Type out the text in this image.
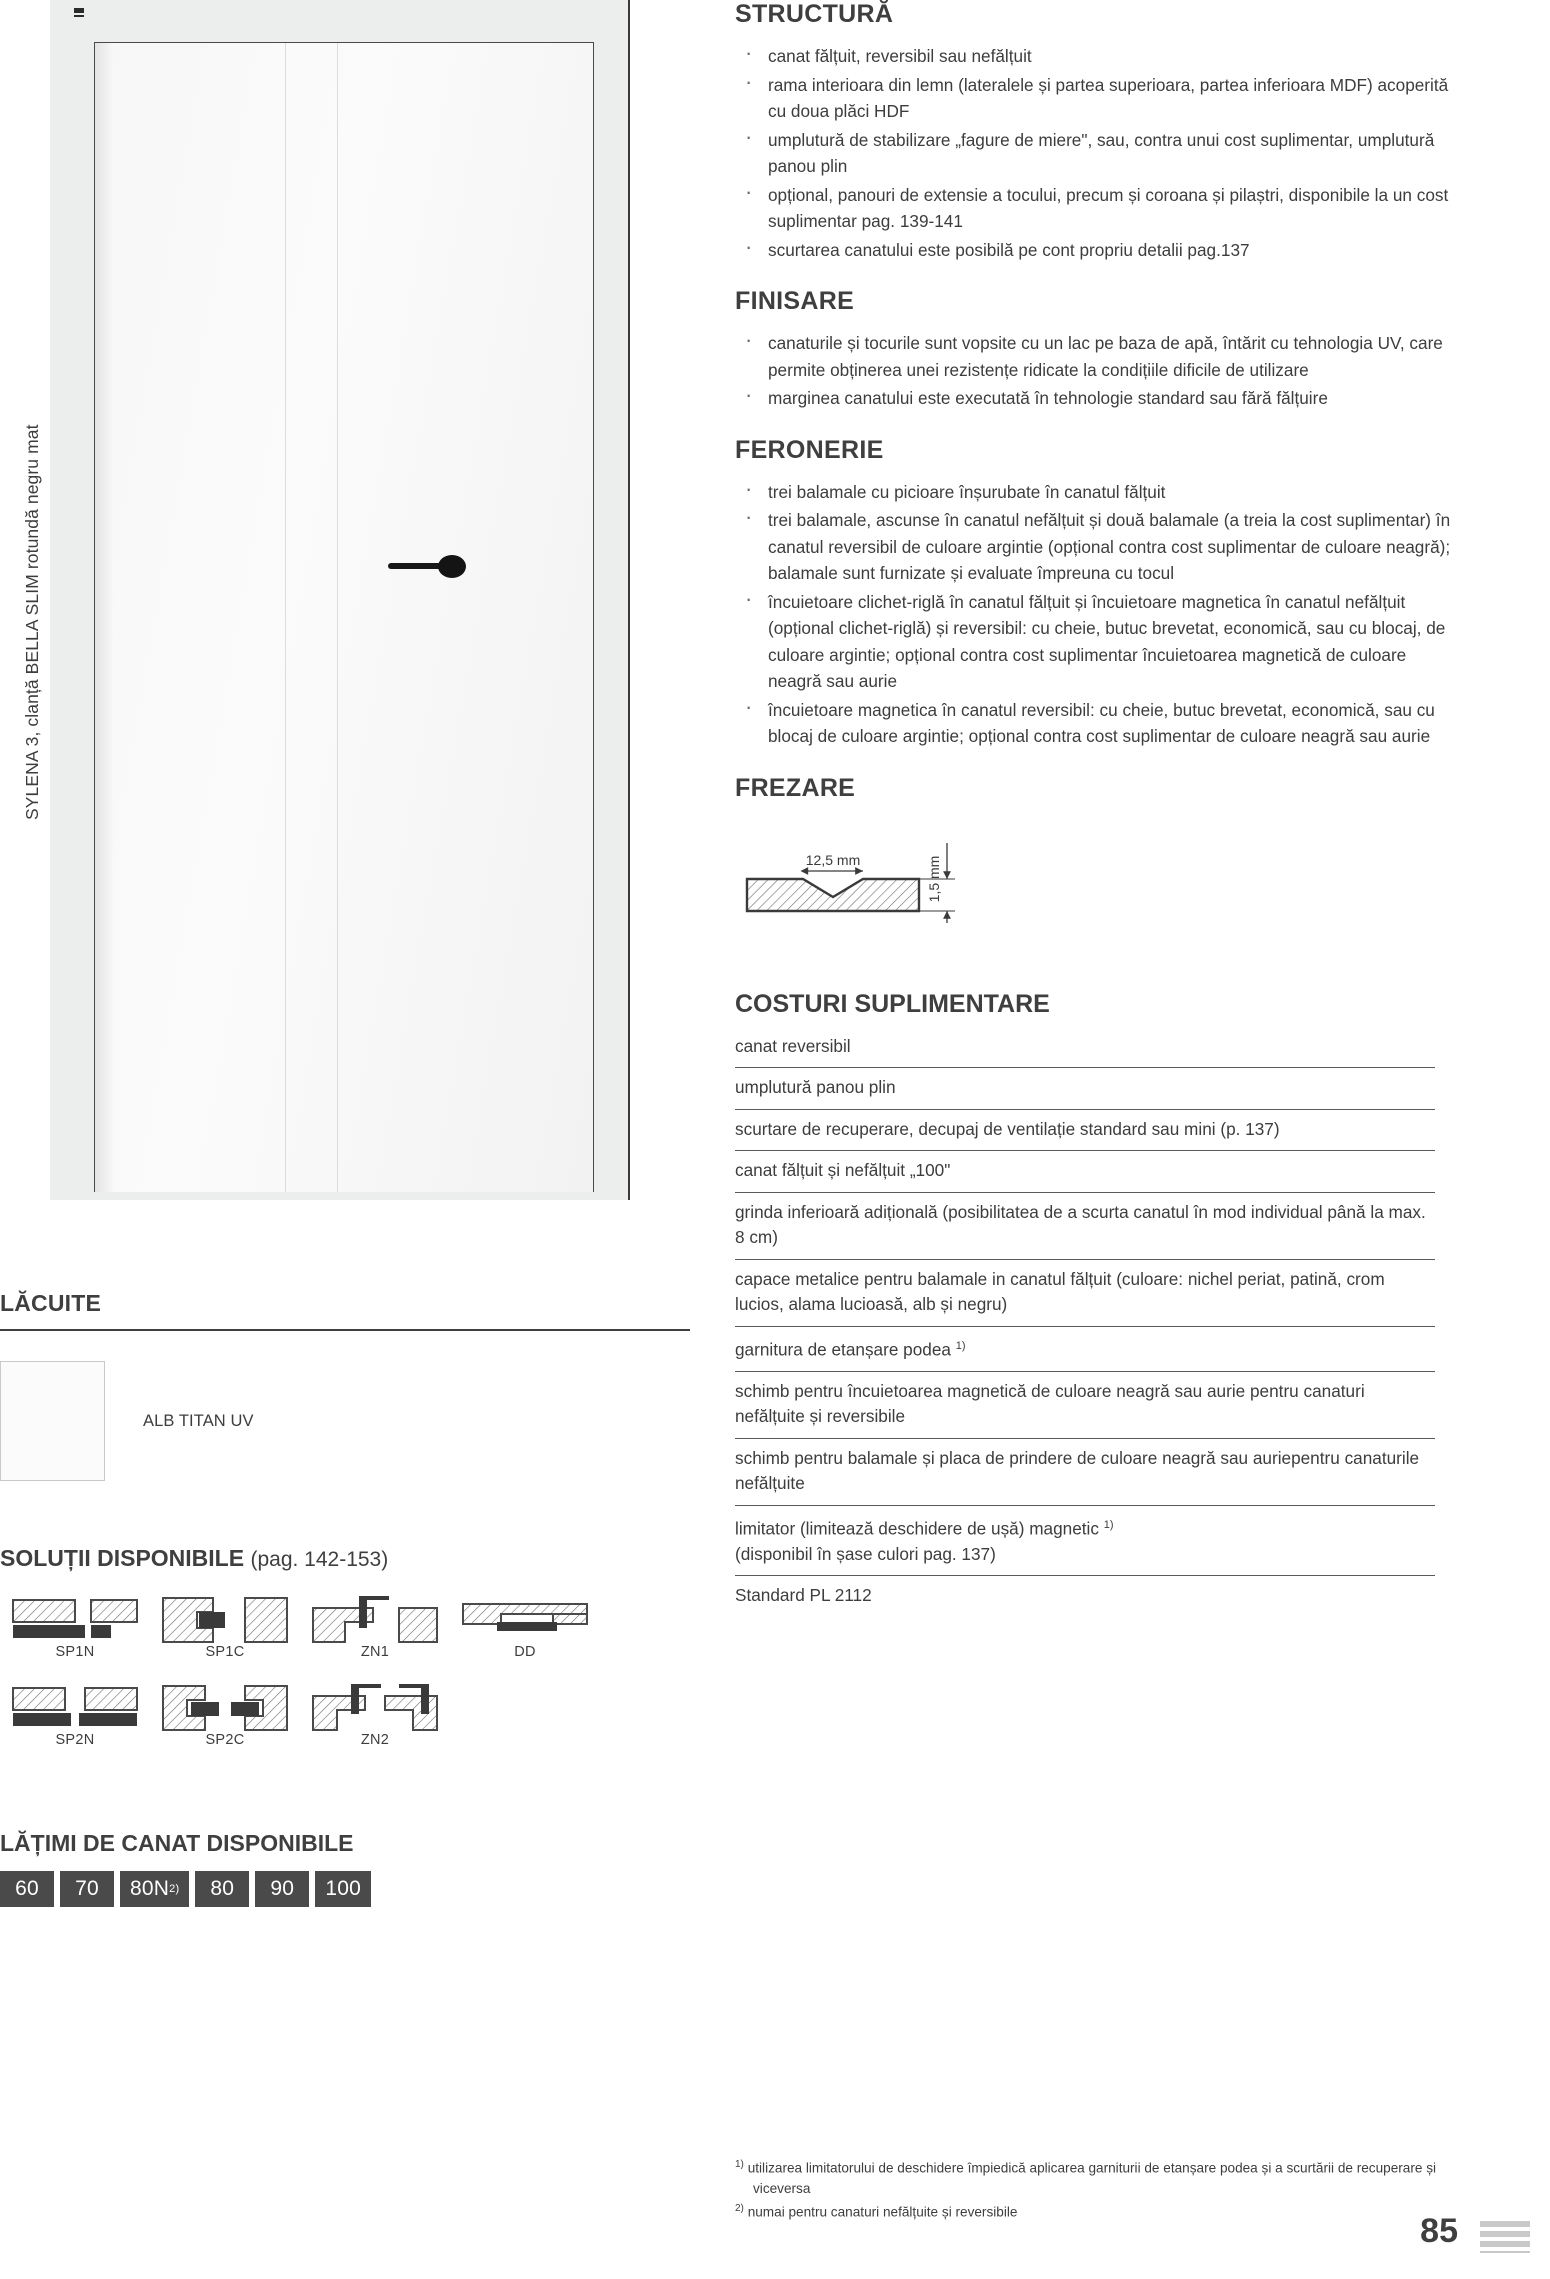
SYLENA 3, clanță BELLA SLIM rotundă negru mat
LĂCUITE
ALB TITAN UV
SOLUȚII DISPONIBILE (pag. 142-153)
SP1N	SP1C	ZN1	DD
SP2N	SP2C	ZN2
LĂȚIMI DE CANAT DISPONIBILE
60 70 80N 2) 80 90 100
STRUCTURĂ
· canat fălțuit, reversibil sau nefălțuit
· rama interioara din lemn (lateralele și partea superioara, partea inferioara MDF) acoperită cu doua plăci HDF
· umplutură de stabilizare „fagure de miere", sau, contra unui cost suplimentar, umplutură panou plin
· opțional, panouri de extensie a tocului, precum și coroana și pilaștri, disponibile la un cost suplimentar pag. 139-141
· scurtarea canatului este posibilă pe cont propriu detalii pag.137
FINISARE
· canaturile și tocurile sunt vopsite cu un lac pe baza de apă, întărit cu tehnologia UV, care permite obținerea unei rezistențe ridicate la condițiile dificile de utilizare
· marginea canatului este executată în tehnologie standard sau fără fălțuire
FERONERIE
· trei balamale cu picioare înșurubate în canatul fălțuit
· trei balamale, ascunse în canatul nefălțuit și două balamale (a treia la cost suplimentar) în canatul reversibil de culoare argintie (opțional contra cost suplimentar de culoare neagră); balamale sunt furnizate și evaluate împreuna cu tocul
· încuietoare clichet-riglă în canatul fălțuit și încuietoare magnetica în canatul nefălțuit (opțional clichet-riglă) și reversibil: cu cheie, butuc brevetat, economică, sau cu blocaj, de culoare argintie; opțional contra cost suplimentar încuietoarea magnetică de culoare neagră sau aurie
· încuietoare magnetica în canatul reversibil: cu cheie, butuc brevetat, economică, sau cu blocaj de culoare argintie; opțional contra cost suplimentar de culoare neagră sau aurie
FREZARE
12,5 mm	1,5 mm
COSTURI SUPLIMENTARE
canat reversibil
umplutură panou plin
scurtare de recuperare, decupaj de ventilație standard sau mini (p. 137)
canat fălțuit și nefălțuit „100"
grinda inferioară adițională (posibilitatea de a scurta canatul în mod individual până la max. 8 cm)
capace metalice pentru balamale in canatul fălțuit (culoare: nichel periat, patină, crom lucios, alama lucioasă, alb și negru)
garnitura de etanșare podea $^{1)}$
schimb pentru încuietoarea magnetică de culoare neagră sau aurie pentru canaturi nefălțuite și reversibile
schimb pentru balamale și placa de prindere de culoare neagră sau auriepentru canaturile nefălțuite
limitator (limitează deschidere de ușă) magnetic $^{1)}$
(disponibil în șase culori pag. 137)
Standard PL 2112
$^{1)}$ utilizarea limitatorului de deschidere împiedică aplicarea garniturii de etanșare podea și a scurtării de recuperare și viceversa
$^{2)}$ numai pentru canaturi nefălțuite și reversibile
85
